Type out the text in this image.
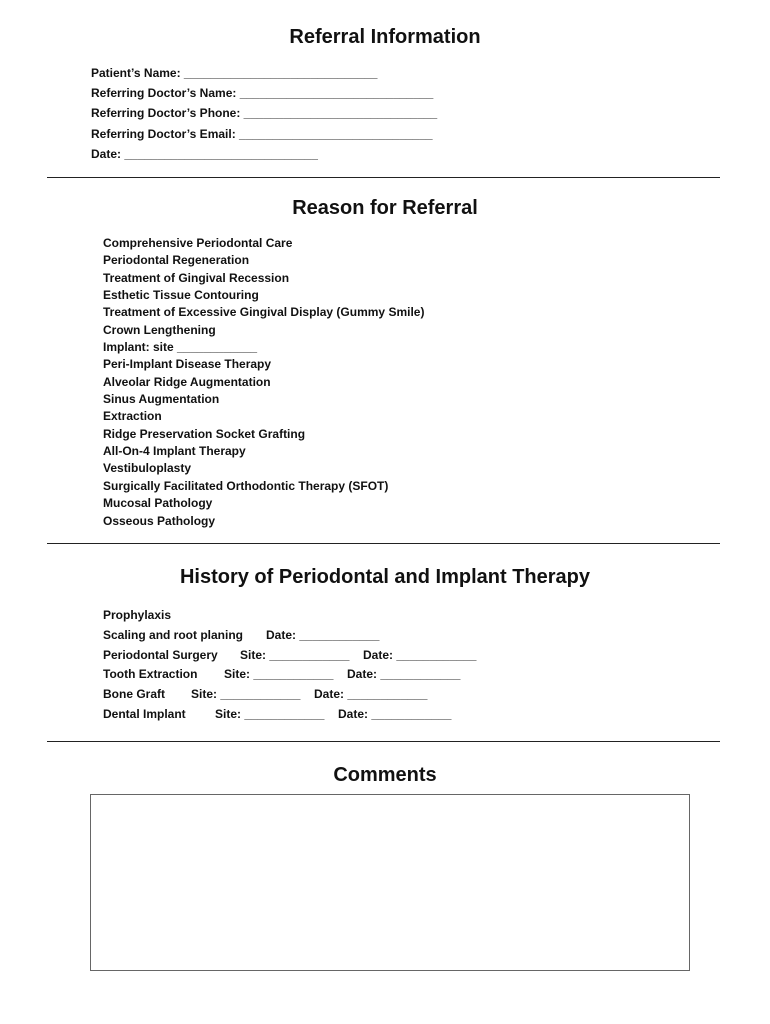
Referral Information
Patient’s Name: _____________________________
Referring Doctor’s Name: _____________________________
Referring Doctor’s Phone: _____________________________
Referring Doctor’s Email: _____________________________
Date: _____________________________
Reason for Referral
Comprehensive Periodontal Care
Periodontal Regeneration
Treatment of Gingival Recession
Esthetic Tissue Contouring
Treatment of Excessive Gingival Display (Gummy Smile)
Crown Lengthening
Implant: site ____________
Peri-Implant Disease Therapy
Alveolar Ridge Augmentation
Sinus Augmentation
Extraction
Ridge Preservation Socket Grafting
All-On-4 Implant Therapy
Vestibuloplasty
Surgically Facilitated Orthodontic Therapy (SFOT)
Mucosal Pathology
Osseous Pathology
History of Periodontal and Implant Therapy
Prophylaxis
Scaling and root planing Date: ____________
Periodontal Surgery Site: ____________ Date: ____________
Tooth Extraction Site: ____________ Date: ____________
Bone Graft Site: ____________ Date: ____________
Dental Implant Site: ____________ Date: ____________
Comments
